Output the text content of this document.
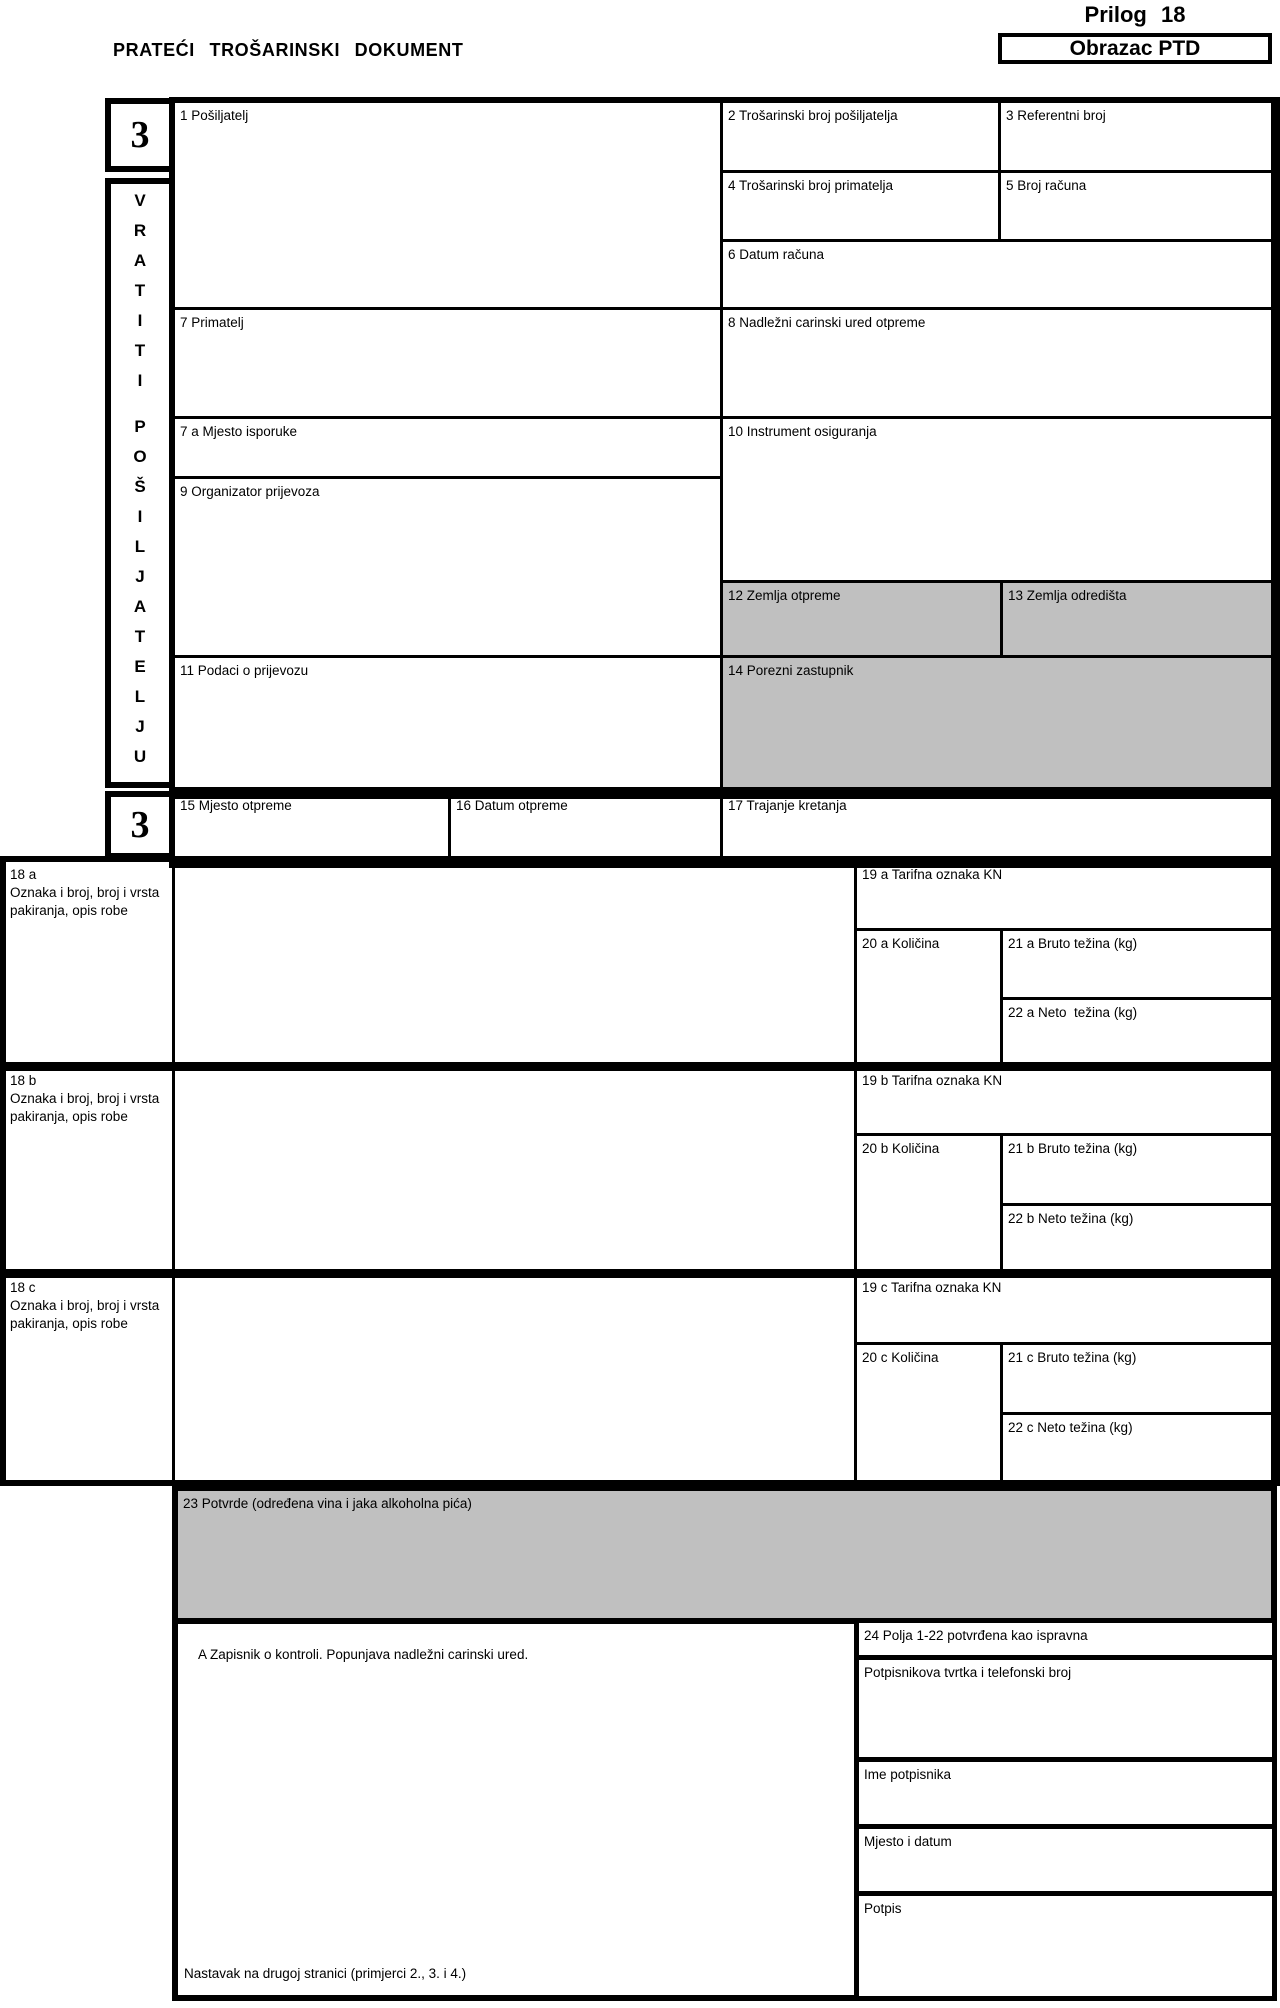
PRATEĆI TROŠARINSKI DOKUMENT
Prilog 18
Obrazac PTD
3
V
R
A
T
I
T
I
P
O
Š
I
L
J
A
T
E
L
J
U
3
1 Pošiljatelj	2 Trošarinski broj pošiljatelja	3 Referentni broj
4 Trošarinski broj primatelja	5 Broj računa
6 Datum računa
7 Primatelj	8 Nadležni carinski ured otpreme
7 a Mjesto isporuke	10 Instrument osiguranja
9 Organizator prijevoza
12 Zemlja otpreme	13 Zemlja odredišta
11 Podaci o prijevozu	14 Porezni zastupnik
15 Mjesto otpreme	16 Datum otpreme	17 Trajanje kretanja
18 a
Oznaka i broj, broj i vrsta pakiranja, opis robe
19 a Tarifna oznaka KN
20 a Količina	21 a Bruto težina (kg)
22 a Neto  težina (kg)
18 b
Oznaka i broj, broj i vrsta pakiranja, opis robe
19 b Tarifna oznaka KN
20 b Količina	21 b Bruto težina (kg)
22 b Neto težina (kg)
18 c
Oznaka i broj, broj i vrsta pakiranja, opis robe
19 c Tarifna oznaka KN
20 c Količina	21 c Bruto težina (kg)
22 c Neto težina (kg)
23 Potvrde (određena vina i jaka alkoholna pića)

A Zapisnik o kontroli. Popunjava nadležni carinski ured.

Nastavak na drugoj stranici (primjerci 2., 3. i 4.)

24 Polja 1-22 potvrđena kao ispravna
Potpisnikova tvrtka i telefonski broj
Ime potpisnika
Mjesto i datum
Potpis
